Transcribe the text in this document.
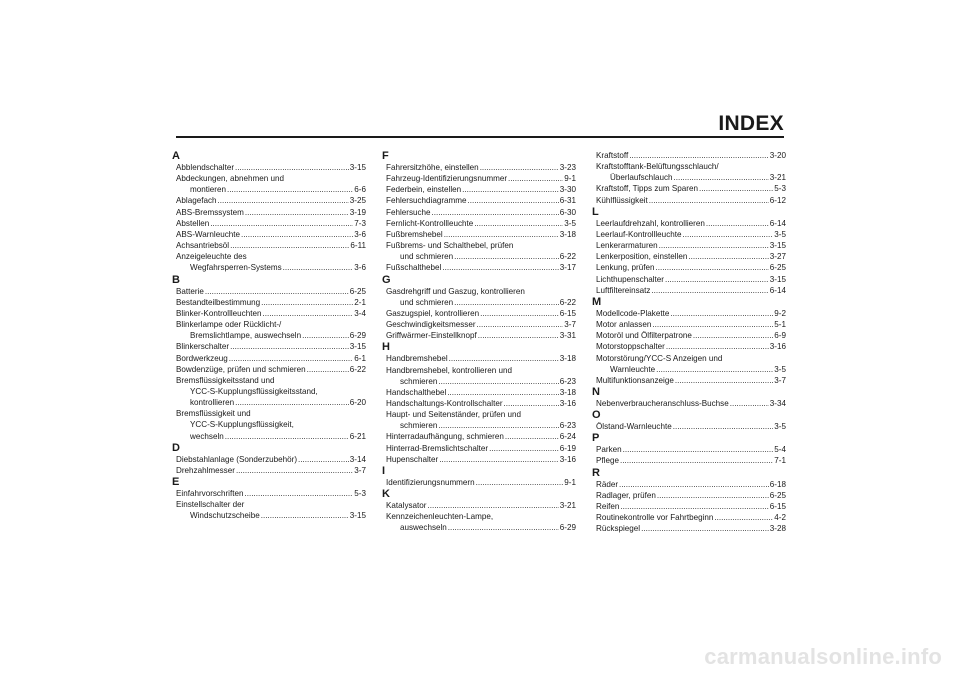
INDEX
A
Abblendschalter .....	3-15
Abdeckungen, abnehmen und
montieren .....	6-6
Ablagefach .....	3-25
ABS-Bremssystem .....	3-19
Abstellen .....	7-3
ABS-Warnleuchte .....	3-6
Achsantriebsöl .....	6-11
Anzeigeleuchte des
Wegfahrsperren-Systems .....	3-6
B
Batterie .....	6-25
Bestandteilbestimmung .....	2-1
Blinker-Kontrollleuchten .....	3-4
Blinkerlampe oder Rücklicht-/
Bremslichtlampe, auswechseln .....	6-29
Blinkerschalter .....	3-15
Bordwerkzeug .....	6-1
Bowdenzüge, prüfen und schmieren .....	6-22
Bremsflüssigkeitsstand und
YCC-S-Kupplungsflüssigkeitsstand,
kontrollieren .....	6-20
Bremsflüssigkeit und
YCC-S-Kupplungsflüssigkeit,
wechseln .....	6-21
D
Diebstahlanlage (Sonderzubehör) .....	3-14
Drehzahlmesser .....	3-7
E
Einfahrvorschriften .....	5-3
Einstellschalter der
Windschutzscheibe .....	3-15
F
Fahrersitzhöhe, einstellen .....	3-23
Fahrzeug-Identifizierungsnummer .....	9-1
Federbein, einstellen .....	3-30
Fehlersuchdiagramme .....	6-31
Fehlersuche .....	6-30
Fernlicht-Kontrollleuchte .....	3-5
Fußbremshebel .....	3-18
Fußbrems- und Schalthebel, prüfen
und schmieren .....	6-22
Fußschalthebel .....	3-17
G
Gasdrehgriff und Gaszug, kontrollieren
und schmieren .....	6-22
Gaszugspiel, kontrollieren .....	6-15
Geschwindigkeitsmesser .....	3-7
Griffwärmer-Einstellknopf .....	3-31
H
Handbremshebel .....	3-18
Handbremshebel, kontrollieren und
schmieren .....	6-23
Handschalthebel .....	3-18
Handschaltungs-Kontrollschalter .....	3-16
Haupt- und Seitenständer, prüfen und
schmieren .....	6-23
Hinterradaufhängung, schmieren .....	6-24
Hinterrad-Bremslichtschalter .....	6-19
Hupenschalter .....	3-16
I
Identifizierungsnummern .....	9-1
K
Katalysator .....	3-21
Kennzeichenleuchten-Lampe,
auswechseln .....	6-29
Kraftstoff .....	3-20
Kraftstofftank-Belüftungsschlauch/
Überlaufschlauch .....	3-21
Kraftstoff, Tipps zum Sparen .....	5-3
Kühlflüssigkeit .....	6-12
L
Leerlaufdrehzahl, kontrollieren .....	6-14
Leerlauf-Kontrollleuchte .....	3-5
Lenkerarmaturen .....	3-15
Lenkerposition, einstellen .....	3-27
Lenkung, prüfen .....	6-25
Lichthupenschalter .....	3-15
Luftfiltereinsatz .....	6-14
M
Modellcode-Plakette .....	9-2
Motor anlassen .....	5-1
Motoröl und Ölfilterpatrone .....	6-9
Motorstoppschalter .....	3-16
Motorstörung/YCC-S Anzeigen und
Warnleuchte .....	3-5
Multifunktionsanzeige .....	3-7
N
Nebenverbraucheranschluss-Buchse .....	3-34
O
Ölstand-Warnleuchte .....	3-5
P
Parken .....	5-4
Pflege .....	7-1
R
Räder .....	6-18
Radlager, prüfen .....	6-25
Reifen .....	6-15
Routinekontrolle vor Fahrtbeginn .....	4-2
Rückspiegel .....	3-28
carmanualsonline.info
